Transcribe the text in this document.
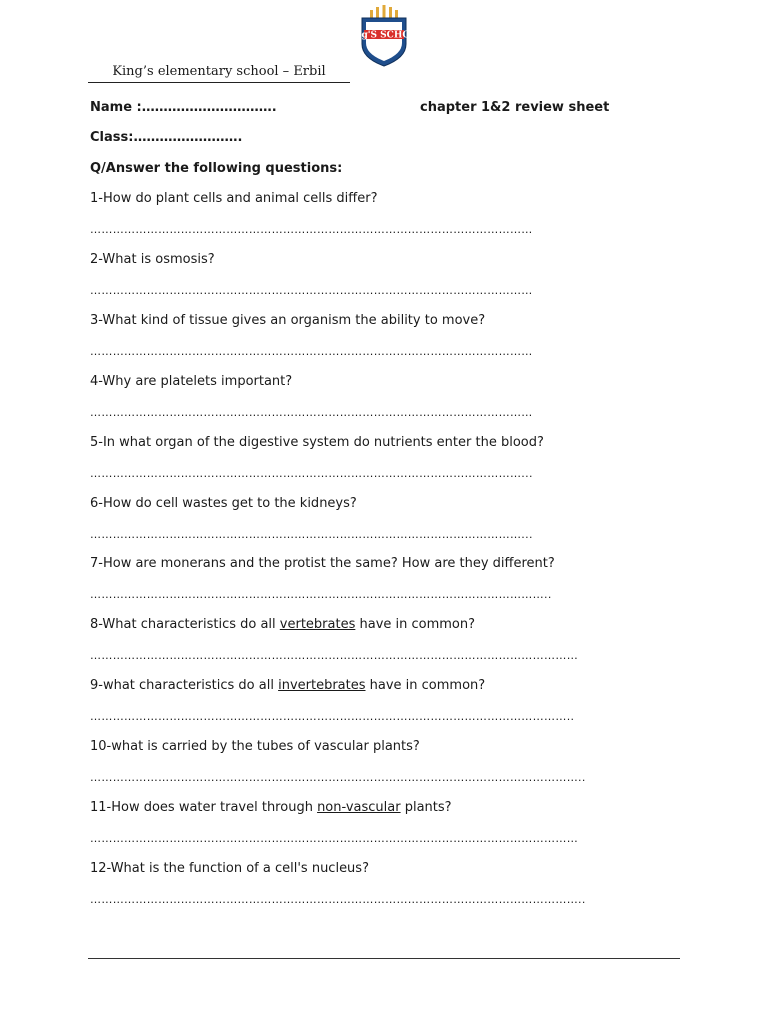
King'S SCHOOL
King’s elementary school – Erbil
Name :………………………….	chapter 1&2 review sheet
Class:…………………….
Q/Answer the following questions:
1-How do plant cells and animal cells differ?
………………………………………………………………………………………………………
2-What is osmosis?
………………………………………………………………………………………………………
3-What kind of tissue gives an organism the ability to move?
………………………………………………………………………………………………………
4-Why are platelets important?
………………………………………………………………………………………………………
5-In what organ of the digestive system do nutrients enter the blood?
……………………………………………………………………………………………………...
6-How do cell wastes get to the kidneys?
……………………………………………………………………………………………………...
7-How are monerans and the protist the same? How are they different?
…………………………………………………………………………………………………………..
8-What characteristics do all vertebrates have in common?
…………………………………………………………………………………………………………………
9-what characteristics do all invertebrates have in common?
………………………………………………………………………………………………………………..
10-what is carried by the tubes of vascular plants?
…………………………………………………………………………………………………………………..
11-How does water travel through non-vascular plants?
…………………………………………………………………………………………………………………
12-What is the function of a cell's nucleus?
…………………………………………………………………………………………………………………..
